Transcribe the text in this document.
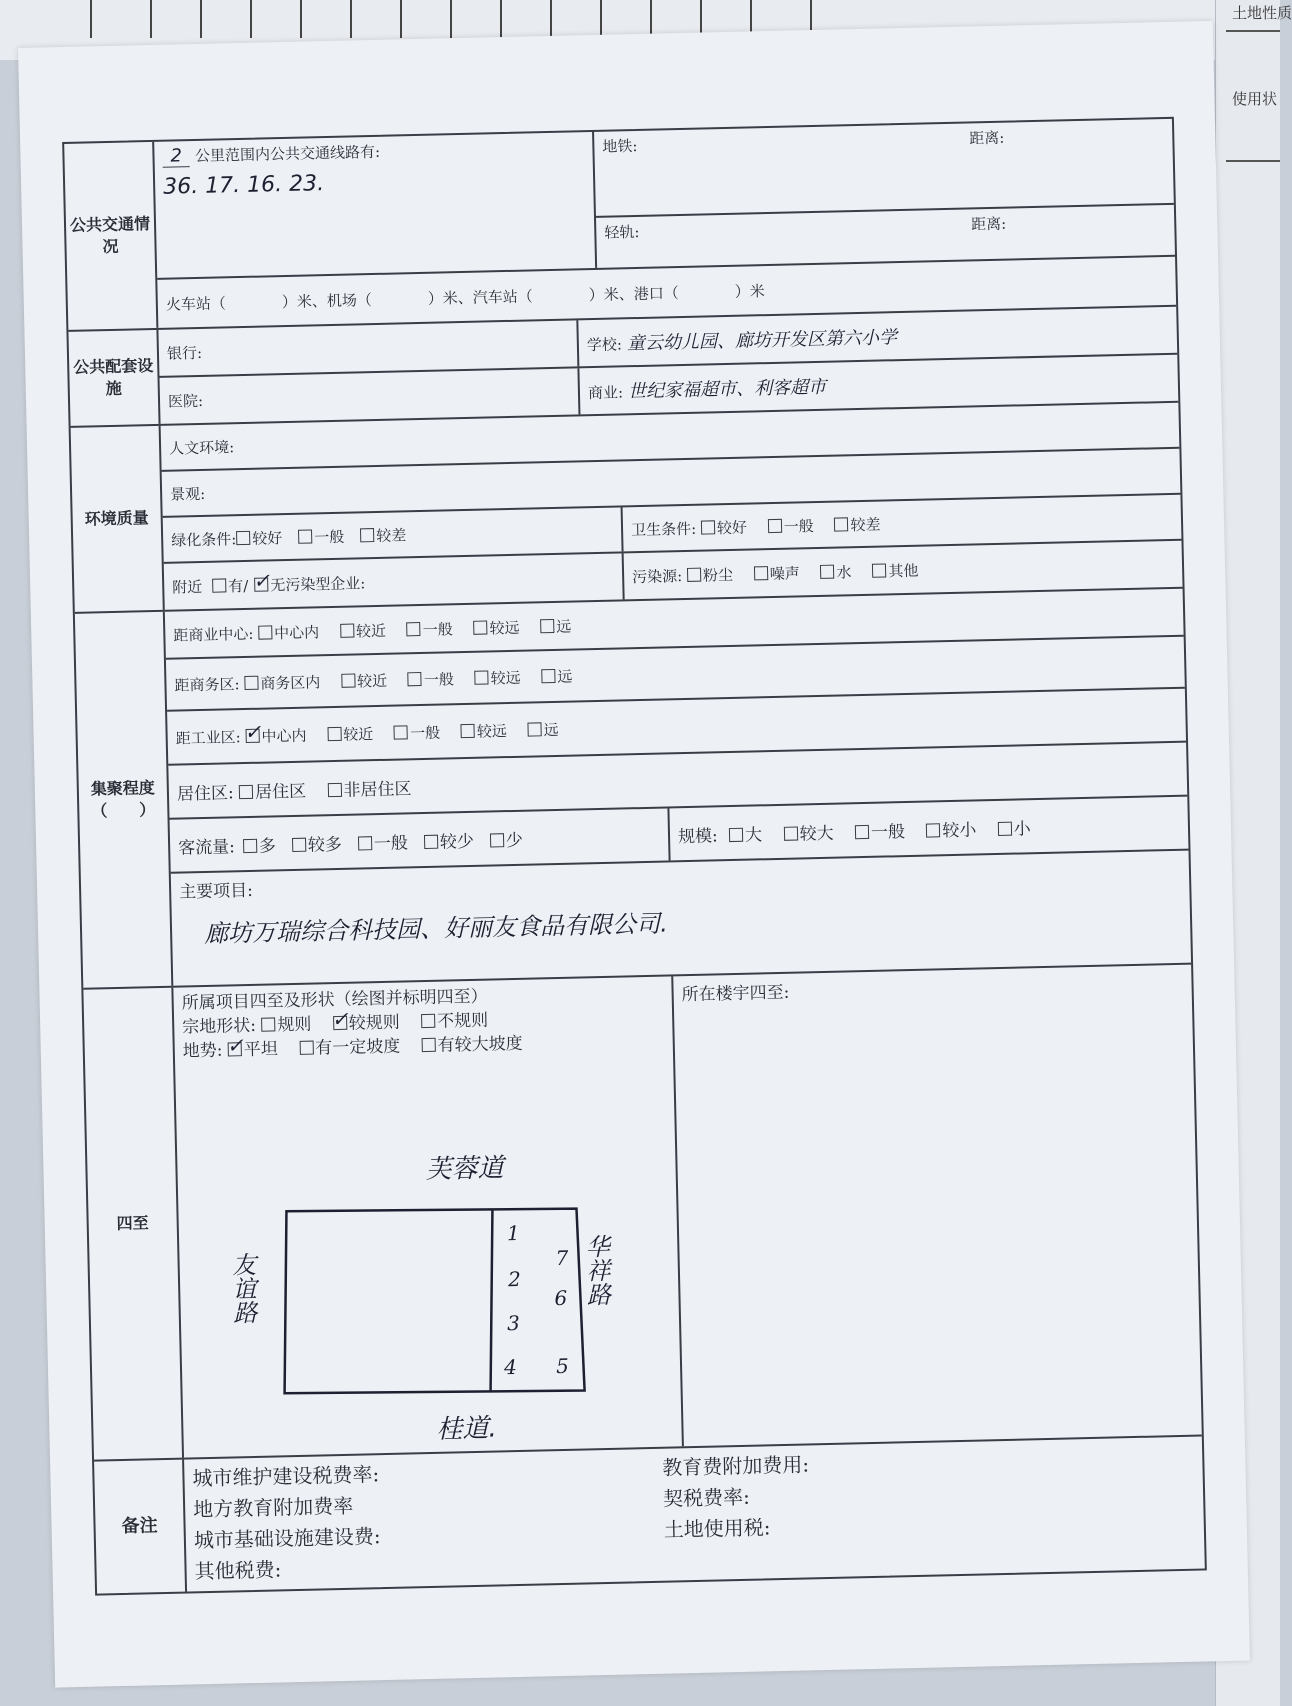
土地性质
使用状
公共交通情况
2 公里范围内公共交通线路有:
36. 17. 16. 23.
地铁:	距离:
轻轨:	距离:
火车站（	）米、机场（	）米、汽车站（	）米、港口（	）米
公共配套设施
银行:	学校: 童云幼儿园、廊坊开发区第六小学
医院:	商业: 世纪家福超市、利客超市
环境质量
人文环境:
景观:
绿化条件:	较好	一般	较差	卫生条件: 较好 一般 较差
附近 有/ ✓ 无污染型企业:	污染源: 粉尘 噪声 水 其他
集聚程度
（　　）
距商业中心: 中心内 较近 一般 较远 远
距商务区: 商务区内 较近 一般 较远 远
距工业区: ✓ 中心内 较近 一般 较远 远
居住区: 居住区 非居住区
客流量:	多	较多	一般	较少	少	规模: 大 较大 一般 较小 小
主要项目:
廊坊万瑞综合科技园、好丽友食品有限公司.
四至
所属项目四至及形状（绘图并标明四至）
宗地形状: 规则 ✓ 较规则 不规则
地势: ✓ 平坦 有一定坡度 有较大坡度
芙蓉道
桂道.
友谊路	华祥路
1
2
3
4 5
6
7
所在楼宇四至:
备注
城市维护建设税费率:	教育费附加费用:
地方教育附加费率	契税费率:
城市基础设施建设费:	土地使用税:
其他税费:
